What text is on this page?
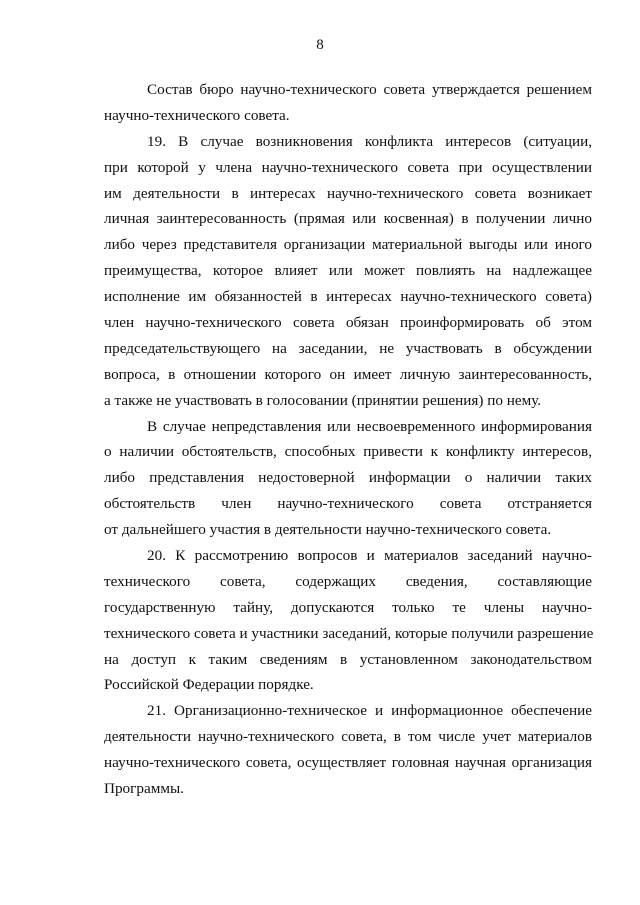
8
Состав бюро научно-технического совета утверждается решением
научно-технического совета.
19. В случае возникновения конфликта интересов (ситуации,
при которой у члена научно-технического совета при осуществлении
им деятельности в интересах научно-технического совета возникает
личная заинтересованность (прямая или косвенная) в получении лично
либо через представителя организации материальной выгоды или иного
преимущества, которое влияет или может повлиять на надлежащее
исполнение им обязанностей в интересах научно-технического совета)
член научно-технического совета обязан проинформировать об этом
председательствующего на заседании, не участвовать в обсуждении
вопроса, в отношении которого он имеет личную заинтересованность,
а также не участвовать в голосовании (принятии решения) по нему.
В случае непредставления или несвоевременного информирования
о наличии обстоятельств, способных привести к конфликту интересов,
либо представления недостоверной информации о наличии таких
обстоятельств член научно-технического совета отстраняется
от дальнейшего участия в деятельности научно-технического совета.
20. К рассмотрению вопросов и материалов заседаний научно-
технического совета, содержащих сведения, составляющие
государственную тайну, допускаются только те члены научно-
технического совета и участники заседаний, которые получили разрешение
на доступ к таким сведениям в установленном законодательством
Российской Федерации порядке.
21. Организационно-техническое и информационное обеспечение
деятельности научно-технического совета, в том числе учет материалов
научно-технического совета, осуществляет головная научная организация
Программы.
